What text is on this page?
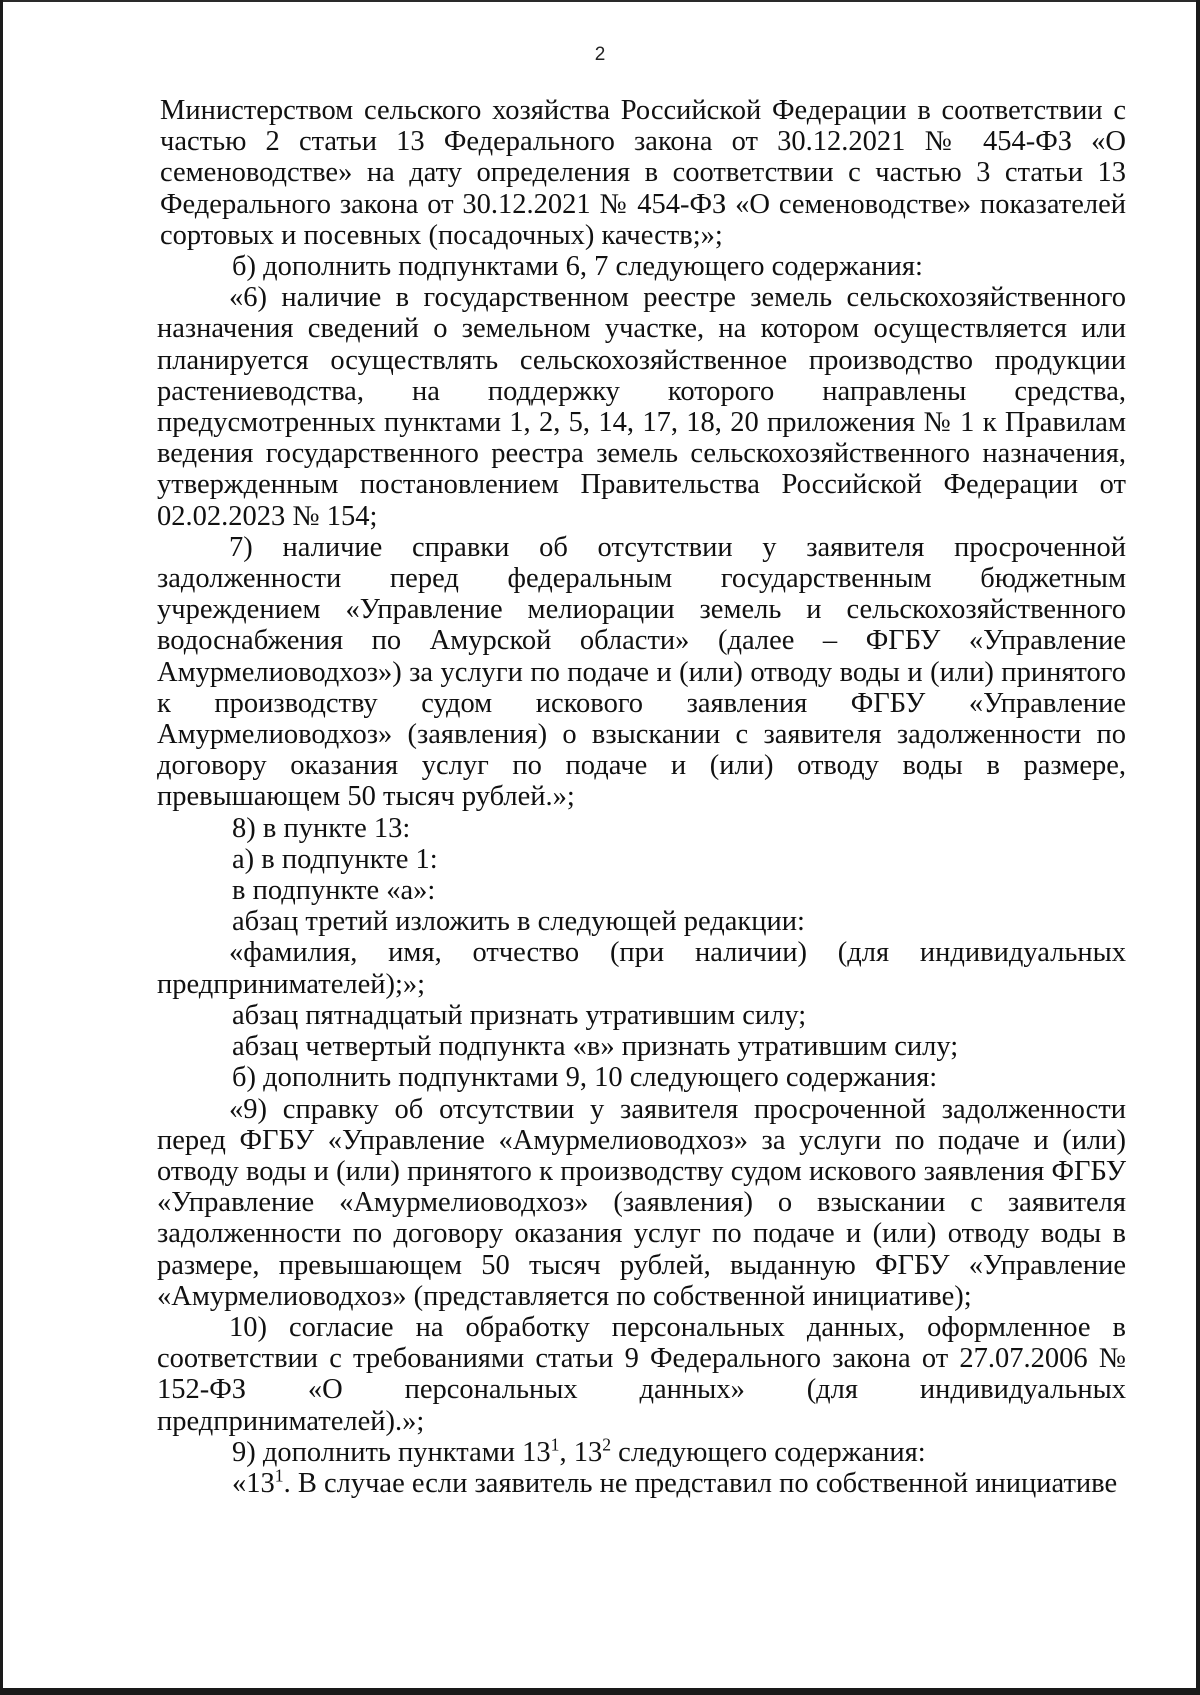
2

Министерством сельского хозяйства Российской Федерации в соответствии с частью 2 статьи 13 Федерального закона от 30.12.2021 № 454-ФЗ «О семеноводстве» на дату определения в соответствии с частью 3 статьи 13 Федерального закона от 30.12.2021 № 454-ФЗ «О семеноводстве» показателей сортовых и посевных (посадочных) качеств;»;

б) дополнить подпунктами 6, 7 следующего содержания:

«6) наличие в государственном реестре земель сельскохозяйственного назначения сведений о земельном участке, на котором осуществляется или планируется осуществлять сельскохозяйственное производство продукции растениеводства, на поддержку которого направлены средства, предусмотренных пунктами 1, 2, 5, 14, 17, 18, 20 приложения № 1 к Правилам ведения государственного реестра земель сельскохозяйственного назначения, утвержденным постановлением Правительства Российской Федерации от 02.02.2023 № 154;

7) наличие справки об отсутствии у заявителя просроченной задолженности перед федеральным государственным бюджетным учреждением «Управление мелиорации земель и сельскохозяйственного водоснабжения по Амурской области» (далее – ФГБУ «Управление Амурмелиоводхоз») за услуги по подаче и (или) отводу воды и (или) принятого к производству судом искового заявления ФГБУ «Управление Амурмелиоводхоз» (заявления) о взыскании с заявителя задолженности по договору оказания услуг по подаче и (или) отводу воды в размере, превышающем 50 тысяч рублей.»;

8) в пункте 13:

а) в подпункте 1:

в подпункте «а»:

абзац третий изложить в следующей редакции:

«фамилия, имя, отчество (при наличии) (для индивидуальных предпринимателей);»;

абзац пятнадцатый признать утратившим силу;

абзац четвертый подпункта «в» признать утратившим силу;

б) дополнить подпунктами 9, 10 следующего содержания:

«9) справку об отсутствии у заявителя просроченной задолженности перед ФГБУ «Управление «Амурмелиоводхоз» за услуги по подаче и (или) отводу воды и (или) принятого к производству судом искового заявления ФГБУ «Управление «Амурмелиоводхоз» (заявления) о взыскании с заявителя задолженности по договору оказания услуг по подаче и (или) отводу воды в размере, превышающем 50 тысяч рублей, выданную ФГБУ «Управление «Амурмелиоводхоз» (представляется по собственной инициативе);

10) согласие на обработку персональных данных, оформленное в соответствии с требованиями статьи 9 Федерального закона от 27.07.2006 № 152-ФЗ «О персональных данных» (для индивидуальных предпринимателей).»;

9) дополнить пунктами $13^1$, $13^2$ следующего содержания:

«$13^1$. В случае если заявитель не представил по собственной инициативе
